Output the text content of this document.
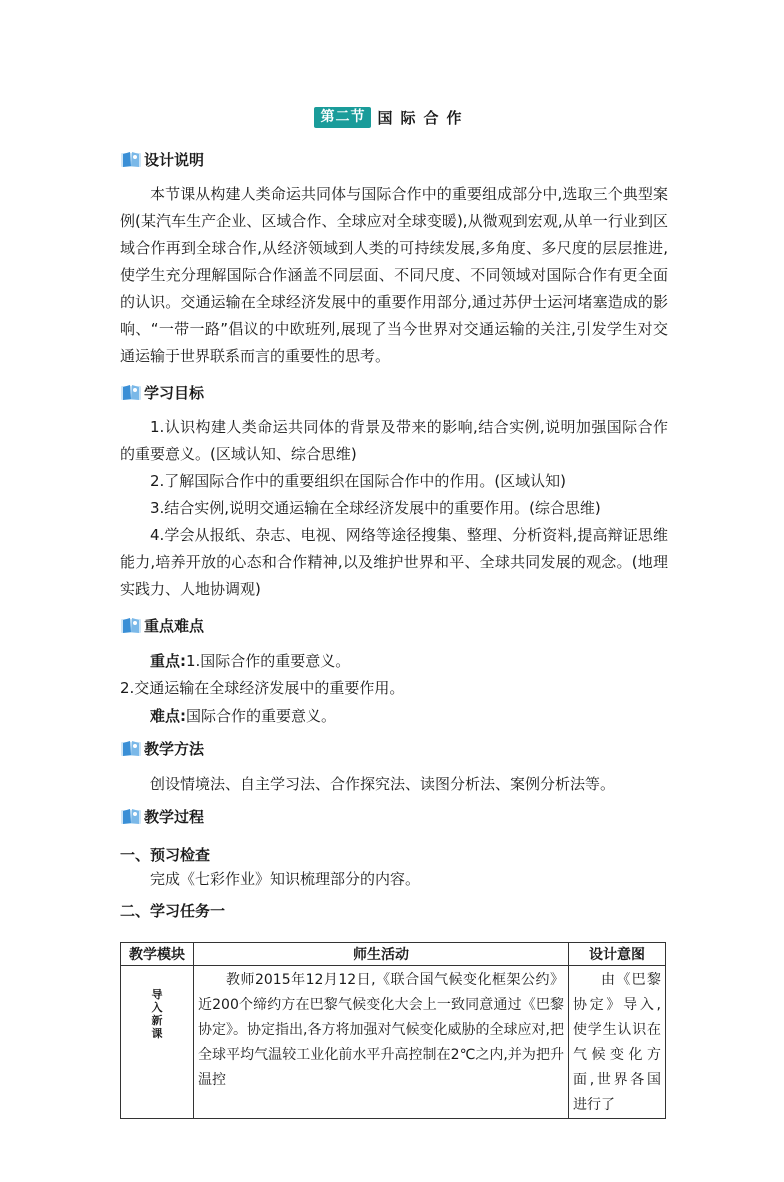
第二节 国际合作
设计说明
本节课从构建人类命运共同体与国际合作中的重要组成部分中,选取三个典型案例(某汽车生产企业、区域合作、全球应对全球变暖),从微观到宏观,从单一行业到区域合作再到全球合作,从经济领域到人类的可持续发展,多角度、多尺度的层层推进,使学生充分理解国际合作涵盖不同层面、不同尺度、不同领域对国际合作有更全面的认识。交通运输在全球经济发展中的重要作用部分,通过苏伊士运河堵塞造成的影响、“一带一路”倡议的中欧班列,展现了当今世界对交通运输的关注,引发学生对交通运输于世界联系而言的重要性的思考。
学习目标
1.认识构建人类命运共同体的背景及带来的影响,结合实例,说明加强国际合作的重要意义。(区域认知、综合思维)
2.了解国际合作中的重要组织在国际合作中的作用。(区域认知)
3.结合实例,说明交通运输在全球经济发展中的重要作用。(综合思维)
4.学会从报纸、杂志、电视、网络等途径搜集、整理、分析资料,提高辩证思维能力,培养开放的心态和合作精神,以及维护世界和平、全球共同发展的观念。(地理实践力、人地协调观)
重点难点
重点:1.国际合作的重要意义。
2.交通运输在全球经济发展中的重要作用。
难点:国际合作的重要意义。
教学方法
创设情境法、自主学习法、合作探究法、读图分析法、案例分析法等。
教学过程
一、预习检查
完成《七彩作业》知识梳理部分的内容。
二、学习任务一
教学模块	师生活动	设计意图

导
入
新
课	教师2015年12月12日,《联合国气候变化框架公约》近200个缔约方在巴黎气候变化大会上一致同意通过《巴黎协定》。协定指出,各方将加强对气候变化威胁的全球应对,把全球平均气温较工业化前水平升高控制在2℃之内,并为把升温控	由《巴黎协定》导入,使学生认识在气候变化方面,世界各国进行了
